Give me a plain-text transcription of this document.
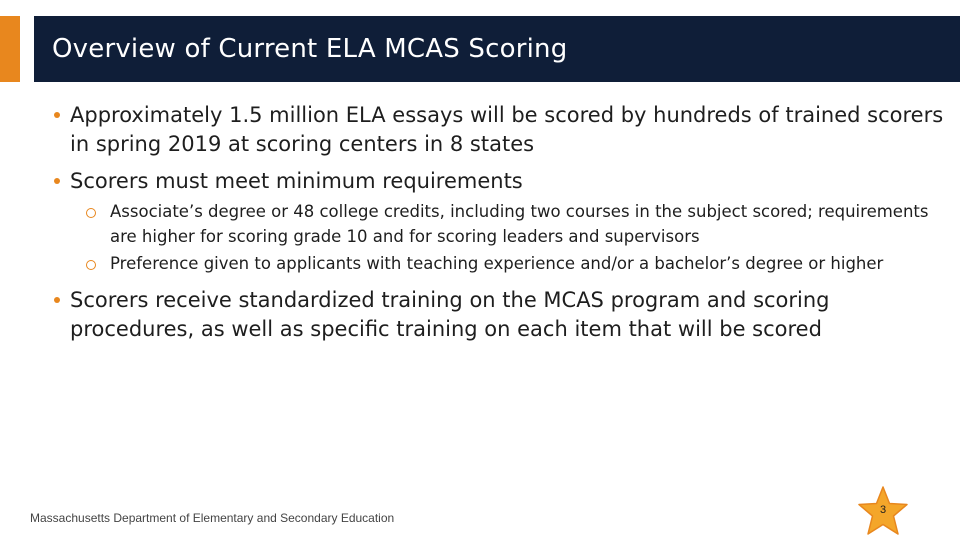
Overview of Current ELA MCAS Scoring
Approximately 1.5 million ELA essays will be scored by hundreds of trained scorers in spring 2019 at scoring centers in 8 states
Scorers must meet minimum requirements
Associate’s degree or 48 college credits, including two courses in the subject scored; requirements are higher for scoring grade 10 and for scoring leaders and supervisors
Preference given to applicants with teaching experience and/or a bachelor’s degree or higher
Scorers receive standardized training on the MCAS program and scoring procedures, as well as specific training on each item that will be scored
Massachusetts Department of Elementary and Secondary Education
3
